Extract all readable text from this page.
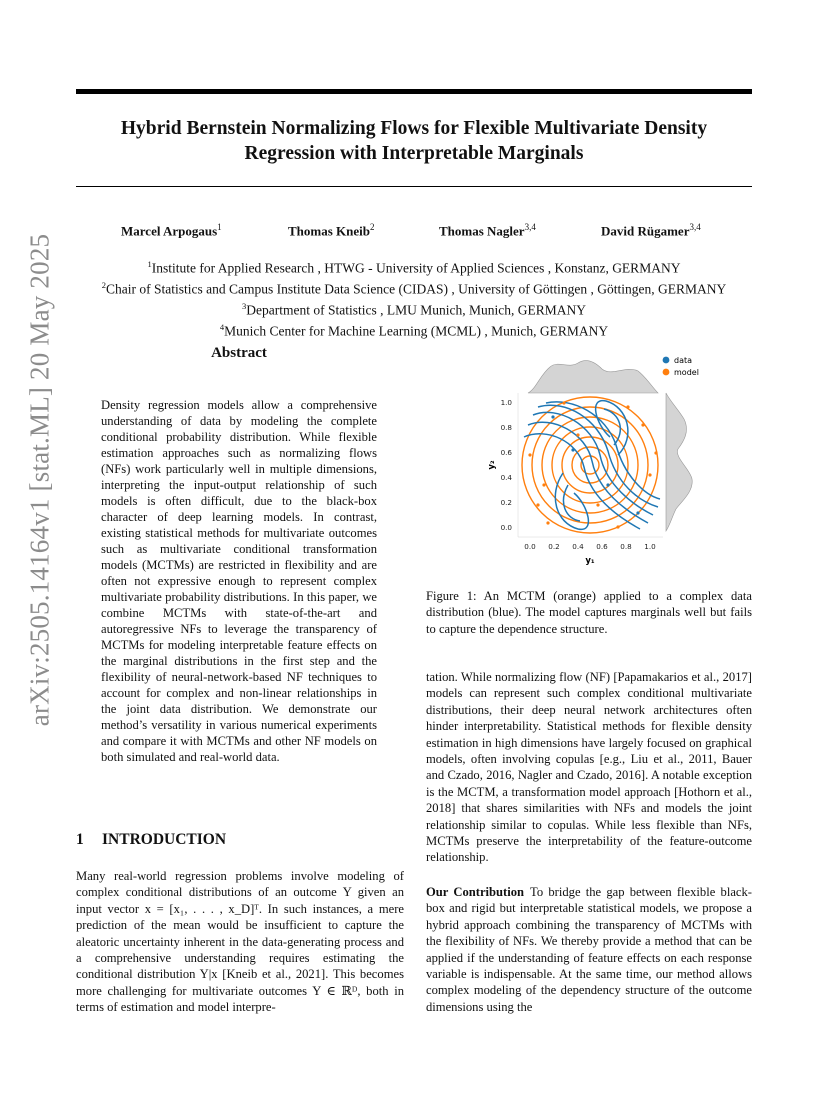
arXiv:2505.14164v1 [stat.ML] 20 May 2025
Hybrid Bernstein Normalizing Flows for Flexible Multivariate Density
Regression with Interpretable Marginals
Marcel Arpogaus$^1$	Thomas Kneib$^2$	Thomas Nagler$^{3,4}$	David Rügamer$^{3,4}$
$^1$Institute for Applied Research , HTWG - University of Applied Sciences , Konstanz, GERMANY
$^2$Chair of Statistics and Campus Institute Data Science (CIDAS) , University of Göttingen , Göttingen, GERMANY
$^3$Department of Statistics , LMU Munich, Munich, GERMANY
$^4$Munich Center for Machine Learning (MCML) , Munich, GERMANY
Abstract
Density regression models allow a comprehensive understanding of data by modeling the complete conditional probability distribution. While flexible estimation approaches such as normalizing flows (NFs) work particularly well in multiple dimensions, interpreting the input-output relationship of such models is often difficult, due to the black-box character of deep learning models. In contrast, existing statistical methods for multivariate outcomes such as multivariate conditional transformation models (MCTMs) are restricted in flexibility and are often not expressive enough to represent complex multivariate probability distributions. In this paper, we combine MCTMs with state-of-the-art and autoregressive NFs to leverage the transparency of MCTMs for modeling interpretable feature effects on the marginal distributions in the first step and the flexibility of neural-network-based NF techniques to account for complex and non-linear relationships in the joint data distribution. We demonstrate our method’s versatility in various numerical experiments and compare it with MCTMs and other NF models on both simulated and real-world data.
1 INTRODUCTION
Many real-world regression problems involve modeling of complex conditional distributions of an outcome Y given an input vector x = [x₁, . . . , x_D]ᵀ. In such instances, a mere prediction of the mean would be insufficient to capture the aleatoric uncertainty inherent in the data-generating process and a comprehensive understanding requires estimating the conditional distribution Y|x [Kneib et al., 2021]. This becomes more challenging for multivariate outcomes Y ∈ ℝᴰ, both in terms of estimation and model interpre-
data
model
0.0 0.2 0.4 0.6 0.8 1.0
0.0
0.2
0.4
0.6
0.8
1.0
y₁
y₂
Figure 1: An MCTM (orange) applied to a complex data distribution (blue). The model captures marginals well but fails to capture the dependence structure.
tation. While normalizing flow (NF) [Papamakarios et al., 2017] models can represent such complex conditional multivariate distributions, their deep neural network architectures often hinder interpretability. Statistical methods for flexible density estimation in high dimensions have largely focused on graphical models, often involving copulas [e.g., Liu et al., 2011, Bauer and Czado, 2016, Nagler and Czado, 2016]. A notable exception is the MCTM, a transformation model approach [Hothorn et al., 2018] that shares similarities with NFs and models the joint relationship similar to copulas. While less flexible than NFs, MCTMs preserve the interpretability of the feature-outcome relationship.
Our Contribution To bridge the gap between flexible black-box and rigid but interpretable statistical models, we propose a hybrid approach combining the transparency of MCTMs with the flexibility of NFs. We thereby provide a method that can be applied if the understanding of feature effects on each response variable is indispensable. At the same time, our method allows complex modeling of the dependency structure of the outcome dimensions using the
